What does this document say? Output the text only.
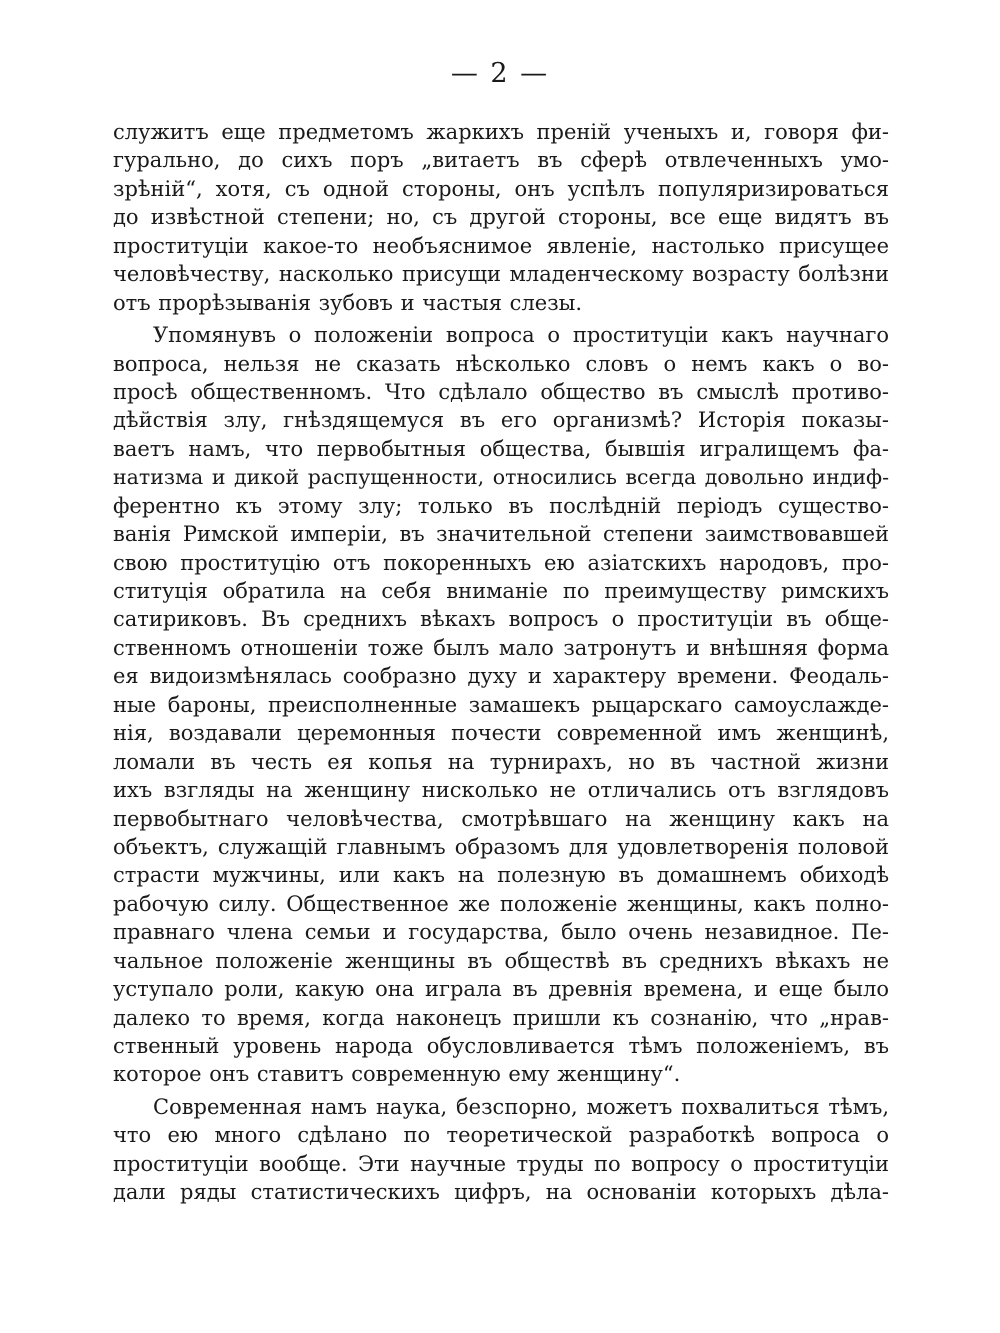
— 2 —
служитъ еще предметомъ жаркихъ преній ученыхъ и, говоря фи-
гурально, до сихъ поръ „витаетъ въ сферѣ отвлеченныхъ умо-
зрѣній“, хотя, съ одной стороны, онъ успѣлъ популяризироваться
до извѣстной степени; но, съ другой стороны, все еще видятъ въ
проституціи какое-то необъяснимое явленіе, настолько присущее
человѣчеству, насколько присущи младенческому возрасту болѣзни
отъ прорѣзыванія зубовъ и частыя слезы.
Упомянувъ о положеніи вопроса о проституціи какъ научнаго
вопроса, нельзя не сказать нѣсколько словъ о немъ какъ о во-
просѣ общественномъ. Что сдѣлало общество въ смыслѣ противо-
дѣйствія злу, гнѣздящемуся въ его организмѣ? Исторія показы-
ваетъ намъ, что первобытныя общества, бывшія игралищемъ фа-
натизма и дикой распущенности, относились всегда довольно индиф-
ферентно къ этому злу; только въ послѣдній періодъ существо-
ванія Римской имперіи, въ значительной степени заимствовавшей
свою проституцію отъ покоренныхъ ею азіатскихъ народовъ, про-
ституція обратила на себя вниманіе по преимуществу римскихъ
сатириковъ. Въ среднихъ вѣкахъ вопросъ о проституціи въ обще-
ственномъ отношеніи тоже былъ мало затронутъ и внѣшняя форма
ея видоизмѣнялась сообразно духу и характеру времени. Феодаль-
ные бароны, преисполненные замашекъ рыцарскаго самоуслажде-
нія, воздавали церемонныя почести современной имъ женщинѣ,
ломали въ честь ея копья на турнирахъ, но въ частной жизни
ихъ взгляды на женщину нисколько не отличались отъ взглядовъ
первобытнаго человѣчества, смотрѣвшаго на женщину какъ на
объектъ, служащій главнымъ образомъ для удовлетворенія половой
страсти мужчины, или какъ на полезную въ домашнемъ обиходѣ
рабочую силу. Общественное же положеніе женщины, какъ полно-
правнаго члена семьи и государства, было очень незавидное. Пе-
чальное положеніе женщины въ обществѣ въ среднихъ вѣкахъ не
уступало роли, какую она играла въ древнія времена, и еще было
далеко то время, когда наконецъ пришли къ сознанію, что „нрав-
ственный уровень народа обусловливается тѣмъ положеніемъ, въ
которое онъ ставитъ современную ему женщину“.
Современная намъ наука, безспорно, можетъ похвалиться тѣмъ,
что ею много сдѣлано по теоретической разработкѣ вопроса о
проституціи вообще. Эти научные труды по вопросу о проституціи
дали ряды статистическихъ цифръ, на основаніи которыхъ дѣла-
